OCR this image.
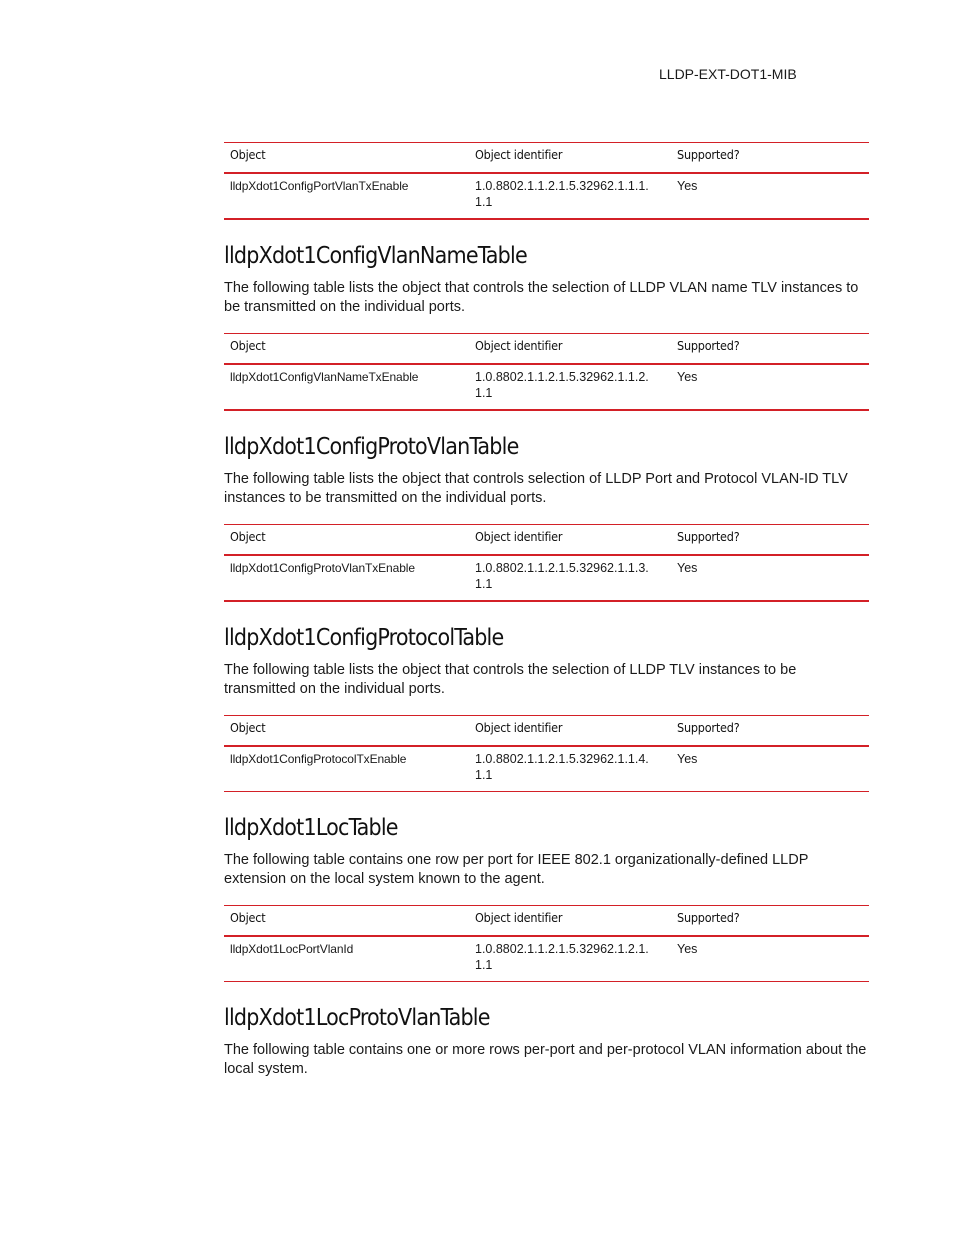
LLDP-EXT-DOT1-MIB
Object	Object identifier	Supported?
lldpXdot1ConfigPortVlanTxEnable	1.0.8802.1.1.2.1.5.32962.1.1.1.
1.1	Yes
lldpXdot1ConfigVlanNameTable

The following table lists the object that controls the selection of LLDP VLAN name TLV instances to be transmitted on the individual ports.

Object	Object identifier	Supported?
lldpXdot1ConfigVlanNameTxEnable	1.0.8802.1.1.2.1.5.32962.1.1.2.
1.1	Yes
lldpXdot1ConfigProtoVlanTable

The following table lists the object that controls selection of LLDP Port and Protocol VLAN-ID TLV instances to be transmitted on the individual ports.

Object	Object identifier	Supported?
lldpXdot1ConfigProtoVlanTxEnable	1.0.8802.1.1.2.1.5.32962.1.1.3.
1.1	Yes
lldpXdot1ConfigProtocolTable

The following table lists the object that controls the selection of LLDP TLV instances to be transmitted on the individual ports.

Object	Object identifier	Supported?
lldpXdot1ConfigProtocolTxEnable	1.0.8802.1.1.2.1.5.32962.1.1.4.
1.1	Yes
lldpXdot1LocTable

The following table contains one row per port for IEEE 802.1 organizationally-defined LLDP extension on the local system known to the agent.

Object	Object identifier	Supported?
lldpXdot1LocPortVlanId	1.0.8802.1.1.2.1.5.32962.1.2.1.
1.1	Yes
lldpXdot1LocProtoVlanTable

The following table contains one or more rows per-port and per-protocol VLAN information about the local system.
